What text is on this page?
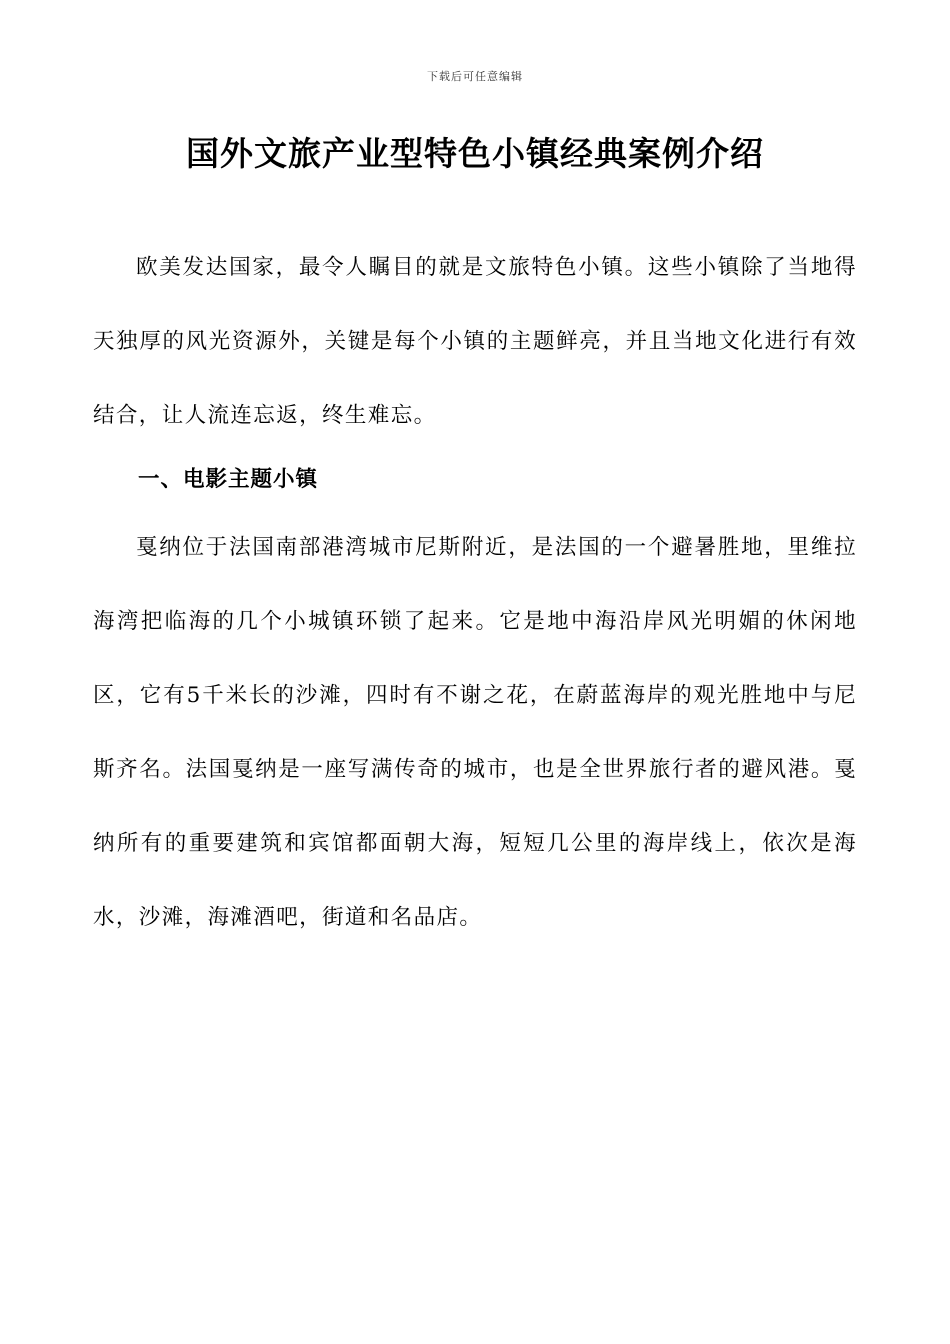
下载后可任意编辑
国外文旅产业型特色小镇经典案例介绍

欧美发达国家，最令人瞩目的就是文旅特色小镇。这些小镇除了当地得天独厚的风光资源外，关键是每个小镇的主题鲜亮，并且当地文化进行有效结合，让人流连忘返，终生难忘。

一、电影主题小镇

戛纳位于法国南部港湾城市尼斯附近，是法国的一个避暑胜地，里维拉海湾把临海的几个小城镇环锁了起来。它是地中海沿岸风光明媚的休闲地区，它有5千米长的沙滩，四时有不谢之花，在蔚蓝海岸的观光胜地中与尼斯齐名。法国戛纳是一座写满传奇的城市，也是全世界旅行者的避风港。戛纳所有的重要建筑和宾馆都面朝大海，短短几公里的海岸线上，依次是海水，沙滩，海滩酒吧，街道和名品店。
